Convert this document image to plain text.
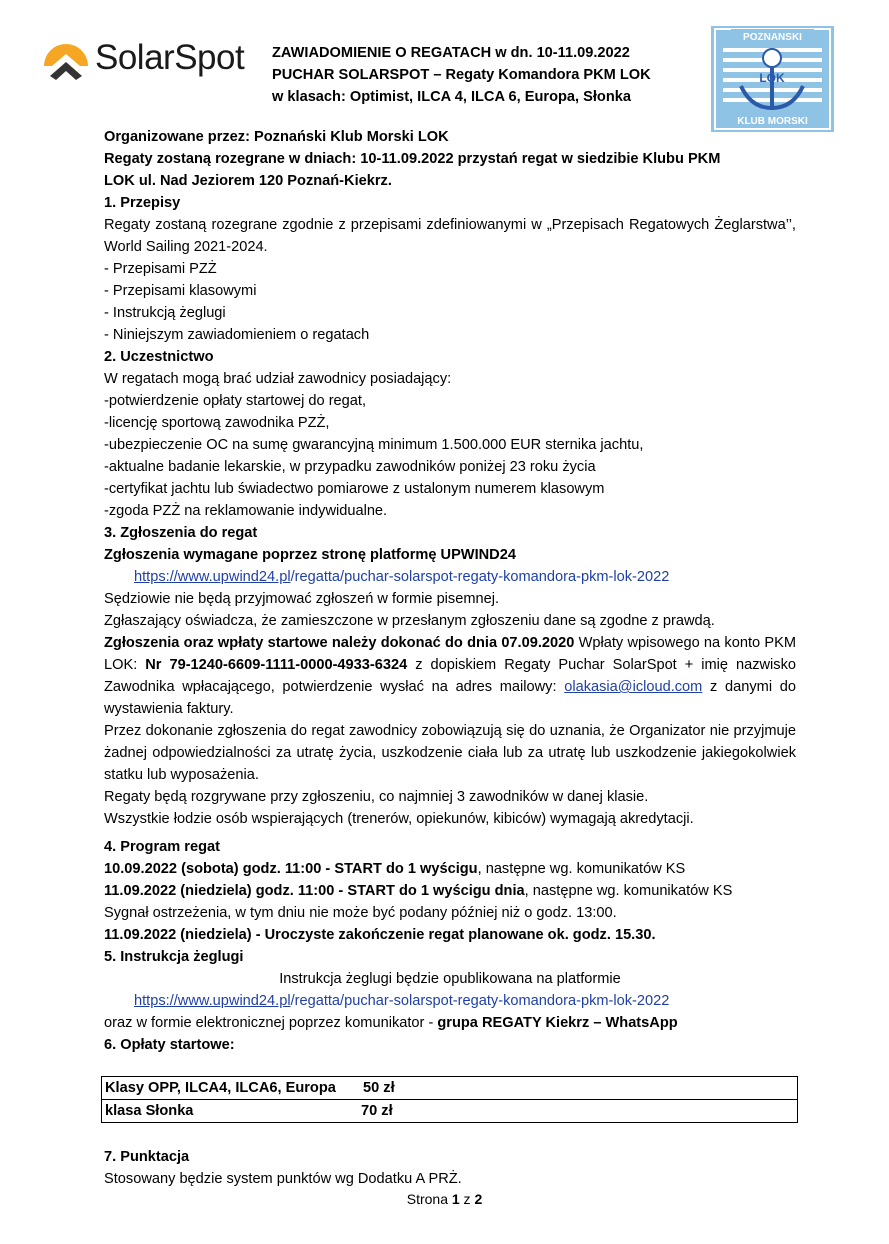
SolarSpot ZAWIADOMIENIE O REGATACH w dn. 10-11.09.2022
PUCHAR SOLARSPOT – Regaty Komandora PKM LOK
w klasach: Optimist, ILCA 4, ILCA 6, Europa, Słonka
POZNANSKI
LOK
KLUB MORSKI

Organizowane przez: Poznański Klub Morski LOK

Regaty zostaną rozegrane w dniach: 10-11.09.2022 przystań regat w siedzibie Klubu PKM

LOK ul. Nad Jeziorem 120 Poznań-Kiekrz.

1. Przepisy

Regaty zostaną rozegrane zgodnie z przepisami zdefiniowanymi w „Przepisach Regatowych Żeglarstwa’’, World Sailing 2021-2024.

- Przepisami PZŻ

- Przepisami klasowymi

- Instrukcją żeglugi

- Niniejszym zawiadomieniem o regatach

2. Uczestnictwo

W regatach mogą brać udział zawodnicy posiadający:

-potwierdzenie opłaty startowej do regat,

-licencję sportową zawodnika PZŻ,

-ubezpieczenie OC na sumę gwarancyjną minimum 1.500.000 EUR sternika jachtu,

-aktualne badanie lekarskie, w przypadku zawodników poniżej 23 roku życia

-certyfikat jachtu lub świadectwo pomiarowe z ustalonym numerem klasowym

-zgoda PZŻ na reklamowanie indywidualne.

3. Zgłoszenia do regat

Zgłoszenia wymagane poprzez stronę platformę UPWIND24

https://www.upwind24.pl/regatta/puchar-solarspot-regaty-komandora-pkm-lok-2022

Sędziowie nie będą przyjmować zgłoszeń w formie pisemnej.

Zgłaszający oświadcza, że zamieszczone w przesłanym zgłoszeniu dane są zgodne z prawdą.

Zgłoszenia oraz wpłaty startowe należy dokonać do dnia 07.09.2020 Wpłaty wpisowego na konto PKM LOK: Nr 79-1240-6609-1111-0000-4933-6324 z dopiskiem Regaty Puchar SolarSpot + imię nazwisko Zawodnika wpłacającego, potwierdzenie wysłać na adres mailowy: olakasia@icloud.com z danymi do wystawienia faktury.

Przez dokonanie zgłoszenia do regat zawodnicy zobowiązują się do uznania, że Organizator nie przyjmuje żadnej odpowiedzialności za utratę życia, uszkodzenie ciała lub za utratę lub uszkodzenie jakiegokolwiek statku lub wyposażenia.

Regaty będą rozgrywane przy zgłoszeniu, co najmniej 3 zawodników w danej klasie.

Wszystkie łodzie osób wspierających (trenerów, opiekunów, kibiców) wymagają akredytacji.

4. Program regat

10.09.2022 (sobota) godz. 11:00 - START do 1 wyścigu, następne wg. komunikatów KS

11.09.2022 (niedziela) godz. 11:00 - START do 1 wyścigu dnia, następne wg. komunikatów KS

Sygnał ostrzeżenia, w tym dniu nie może być podany później niż o godz. 13:00.

11.09.2022 (niedziela) - Uroczyste zakończenie regat planowane ok. godz. 15.30.

5. Instrukcja żeglugi

Instrukcja żeglugi będzie opublikowana na platformie

https://www.upwind24.pl/regatta/puchar-solarspot-regaty-komandora-pkm-lok-2022

oraz w formie elektronicznej poprzez komunikator - grupa REGATY Kiekrz – WhatsApp

6. Opłaty startowe:

Klasy OPP, ILCA4, ILCA6, Europa 50 zł
klasa Słonka	70 zł

7. Punktacja

Stosowany będzie system punktów wg Dodatku A PRŻ.

Strona 1 z 2
